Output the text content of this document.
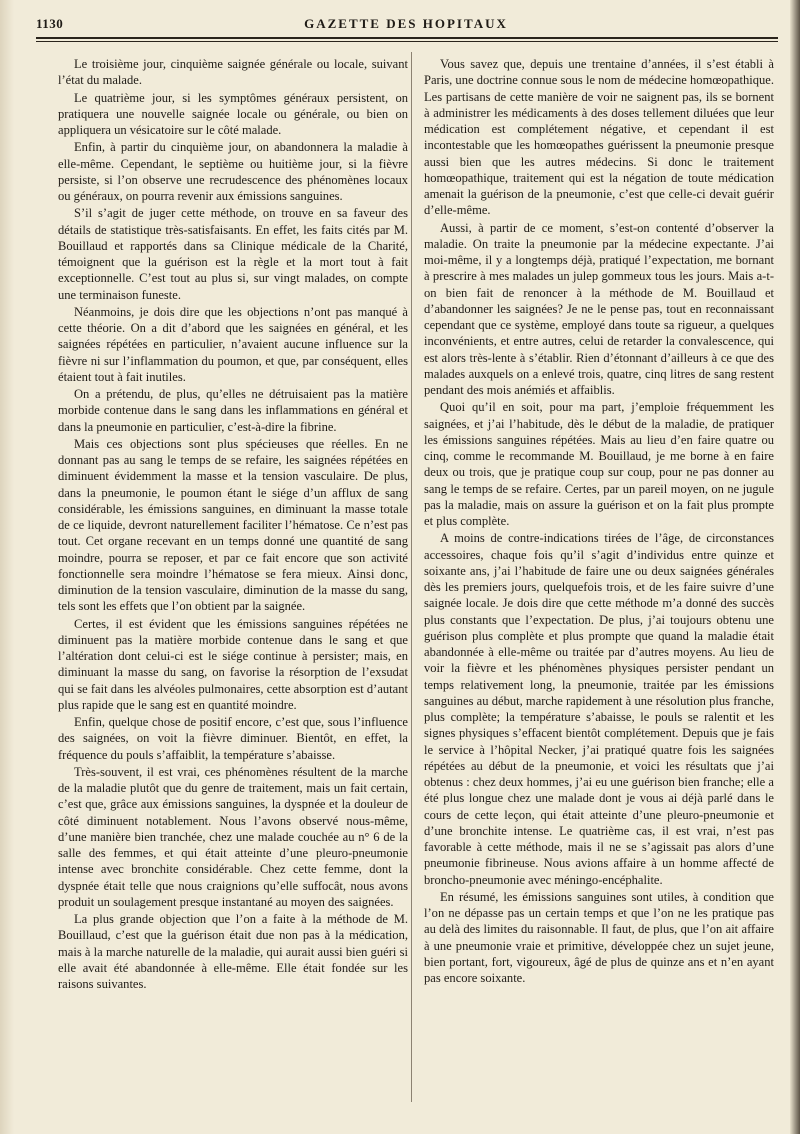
1130	GAZETTE DES HOPITAUX

Le troisième jour, cinquième saignée générale ou locale, suivant l’état du malade.

Le quatrième jour, si les symptômes généraux persistent, on pratiquera une nouvelle saignée locale ou générale, ou bien on appliquera un vésicatoire sur le côté malade.

Enfin, à partir du cinquième jour, on abandonnera la maladie à elle-même. Cependant, le septième ou huitième jour, si la fièvre persiste, si l’on observe une recrudescence des phénomènes locaux ou généraux, on pourra revenir aux émissions sanguines.

S’il s’agit de juger cette méthode, on trouve en sa faveur des détails de statistique très-satisfaisants. En effet, les faits cités par M. Bouillaud et rapportés dans sa Clinique médicale de la Charité, témoignent que la guérison est la règle et la mort tout à fait exceptionnelle. C’est tout au plus si, sur vingt malades, on compte une terminaison funeste.

Néanmoins, je dois dire que les objections n’ont pas manqué à cette théorie. On a dit d’abord que les saignées en général, et les saignées répétées en particulier, n’avaient aucune influence sur la fièvre ni sur l’inflammation du poumon, et que, par conséquent, elles étaient tout à fait inutiles.

On a prétendu, de plus, qu’elles ne détruisaient pas la matière morbide contenue dans le sang dans les inflammations en général et dans la pneumonie en particulier, c’est-à-dire la fibrine.

Mais ces objections sont plus spécieuses que réelles. En ne donnant pas au sang le temps de se refaire, les saignées répétées en diminuent évidemment la masse et la tension vasculaire. De plus, dans la pneumonie, le poumon étant le siége d’un afflux de sang considérable, les émissions sanguines, en diminuant la masse totale de ce liquide, devront naturellement faciliter l’hématose. Ce n’est pas tout. Cet organe recevant en un temps donné une quantité de sang moindre, pourra se reposer, et par ce fait encore que son activité fonctionnelle sera moindre l’hématose se fera mieux. Ainsi donc, diminution de la tension vasculaire, diminution de la masse du sang, tels sont les effets que l’on obtient par la saignée.

Certes, il est évident que les émissions sanguines répétées ne diminuent pas la matière morbide contenue dans le sang et que l’altération dont celui-ci est le siége continue à persister; mais, en diminuant la masse du sang, on favorise la résorption de l’exsudat qui se fait dans les alvéoles pulmonaires, cette absorption est d’autant plus rapide que le sang est en quantité moindre.

Enfin, quelque chose de positif encore, c’est que, sous l’influence des saignées, on voit la fièvre diminuer. Bientôt, en effet, la fréquence du pouls s’affaiblit, la température s’abaisse.

Très-souvent, il est vrai, ces phénomènes résultent de la marche de la maladie plutôt que du genre de traitement, mais un fait certain, c’est que, grâce aux émissions sanguines, la dyspnée et la douleur de côté diminuent notablement. Nous l’avons observé nous-même, d’une manière bien tranchée, chez une malade couchée au n° 6 de la salle des femmes, et qui était atteinte d’une pleuro-pneumonie intense avec bronchite considérable. Chez cette femme, dont la dyspnée était telle que nous craignions qu’elle suffocât, nous avons produit un soulagement presque instantané au moyen des saignées.

La plus grande objection que l’on a faite à la méthode de M. Bouillaud, c’est que la guérison était due non pas à la médication, mais à la marche naturelle de la maladie, qui aurait aussi bien guéri si elle avait été abandonnée à elle-même. Elle était fondée sur les raisons suivantes.

Vous savez que, depuis une trentaine d’années, il s’est établi à Paris, une doctrine connue sous le nom de médecine homœopathique. Les partisans de cette manière de voir ne saignent pas, ils se bornent à administrer les médicaments à des doses tellement diluées que leur médication est complétement négative, et cependant il est incontestable que les homœopathes guérissent la pneumonie presque aussi bien que les autres médecins. Si donc le traitement homœopathique, traitement qui est la négation de toute médication amenait la guérison de la pneumonie, c’est que celle-ci devait guérir d’elle-même.

Aussi, à partir de ce moment, s’est-on contenté d’observer la maladie. On traite la pneumonie par la médecine expectante. J’ai moi-même, il y a longtemps déjà, pratiqué l’expectation, me bornant à prescrire à mes malades un julep gommeux tous les jours. Mais a-t-on bien fait de renoncer à la méthode de M. Bouillaud et d’abandonner les saignées? Je ne le pense pas, tout en reconnaissant cependant que ce système, employé dans toute sa rigueur, a quelques inconvénients, et entre autres, celui de retarder la convalescence, qui est alors très-lente à s’établir. Rien d’étonnant d’ailleurs à ce que des malades auxquels on a enlevé trois, quatre, cinq litres de sang restent pendant des mois anémiés et affaiblis.

Quoi qu’il en soit, pour ma part, j’emploie fréquemment les saignées, et j’ai l’habitude, dès le début de la maladie, de pratiquer les émissions sanguines répétées. Mais au lieu d’en faire quatre ou cinq, comme le recommande M. Bouillaud, je me borne à en faire deux ou trois, que je pratique coup sur coup, pour ne pas donner au sang le temps de se refaire. Certes, par un pareil moyen, on ne jugule pas la maladie, mais on assure la guérison et on la fait plus prompte et plus complète.

A moins de contre-indications tirées de l’âge, de circonstances accessoires, chaque fois qu’il s’agit d’individus entre quinze et soixante ans, j’ai l’habitude de faire une ou deux saignées générales dès les premiers jours, quelquefois trois, et de les faire suivre d’une saignée locale. Je dois dire que cette méthode m’a donné des succès plus constants que l’expectation. De plus, j’ai toujours obtenu une guérison plus complète et plus prompte que quand la maladie était abandonnée à elle-même ou traitée par d’autres moyens. Au lieu de voir la fièvre et les phénomènes physiques persister pendant un temps relativement long, la pneumonie, traitée par les émissions sanguines au début, marche rapidement à une résolution plus franche, plus complète; la température s’abaisse, le pouls se ralentit et les signes physiques s’effacent bientôt complétement. Depuis que je fais le service à l’hôpital Necker, j’ai pratiqué quatre fois les saignées répétées au début de la pneumonie, et voici les résultats que j’ai obtenus : chez deux hommes, j’ai eu une guérison bien franche; elle a été plus longue chez une malade dont je vous ai déjà parlé dans le cours de cette leçon, qui était atteinte d’une pleuro-pneumonie et d’une bronchite intense. Le quatrième cas, il est vrai, n’est pas favorable à cette méthode, mais il ne se s’agissait pas alors d’une pneumonie fibrineuse. Nous avions affaire à un homme affecté de broncho-pneumonie avec méningo-encéphalite.

En résumé, les émissions sanguines sont utiles, à condition que l’on ne dépasse pas un certain temps et que l’on ne les pratique pas au delà des limites du raisonnable. Il faut, de plus, que l’on ait affaire à une pneumonie vraie et primitive, développée chez un sujet jeune, bien portant, fort, vigoureux, âgé de plus de quinze ans et n’en ayant pas encore soixante.
